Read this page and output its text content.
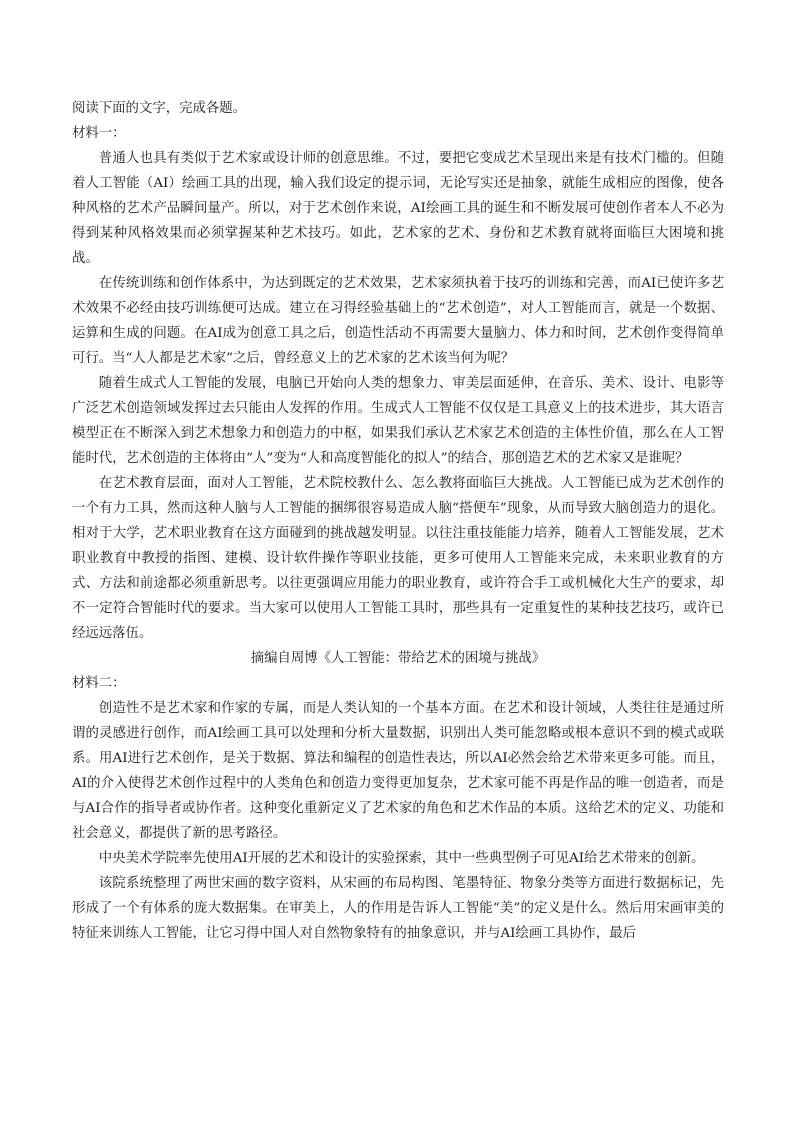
阅读下面的文字，完成各题。

材料一：

普通人也具有类似于艺术家或设计师的创意思维。不过，要把它变成艺术呈现出来是有技术门槛的。但随着人工智能（AI）绘画工具的出现，输入我们设定的提示词，无论写实还是抽象，就能生成相应的图像，使各种风格的艺术产品瞬间量产。所以，对于艺术创作来说，AI绘画工具的诞生和不断发展可使创作者本人不必为得到某种风格效果而必须掌握某种艺术技巧。如此，艺术家的艺术、身份和艺术教育就将面临巨大困境和挑战。

在传统训练和创作体系中，为达到既定的艺术效果，艺术家须执着于技巧的训练和完善，而AI已使许多艺术效果不必经由技巧训练便可达成。建立在习得经验基础上的“艺术创造”，对人工智能而言，就是一个数据、运算和生成的问题。在AI成为创意工具之后，创造性活动不再需要大量脑力、体力和时间，艺术创作变得简单可行。当“人人都是艺术家”之后，曾经意义上的艺术家的艺术该当何为呢？

随着生成式人工智能的发展，电脑已开始向人类的想象力、审美层面延伸，在音乐、美术、设计、电影等广泛艺术创造领域发挥过去只能由人发挥的作用。生成式人工智能不仅仅是工具意义上的技术进步，其大语言模型正在不断深入到艺术想象力和创造力的中枢，如果我们承认艺术家艺术创造的主体性价值，那么在人工智能时代，艺术创造的主体将由“人”变为“人和高度智能化的拟人”的结合，那创造艺术的艺术家又是谁呢？

在艺术教育层面，面对人工智能，艺术院校教什么、怎么教将面临巨大挑战。人工智能已成为艺术创作的一个有力工具，然而这种人脑与人工智能的捆绑很容易造成人脑“搭便车”现象，从而导致大脑创造力的退化。相对于大学，艺术职业教育在这方面碰到的挑战越发明显。以往注重技能能力培养，随着人工智能发展，艺术职业教育中教授的指图、建模、设计软件操作等职业技能，更多可使用人工智能来完成，未来职业教育的方式、方法和前途都必须重新思考。以往更强调应用能力的职业教育，或许符合手工或机械化大生产的要求，却不一定符合智能时代的要求。当大家可以使用人工智能工具时，那些具有一定重复性的某种技艺技巧，或许已经远远落伍。

摘编自周博《人工智能：带给艺术的困境与挑战》

材料二：

创造性不是艺术家和作家的专属，而是人类认知的一个基本方面。在艺术和设计领域，人类往往是通过所谓的灵感进行创作，而AI绘画工具可以处理和分析大量数据，识别出人类可能忽略或根本意识不到的模式或联系。用AI进行艺术创作，是关于数据、算法和编程的创造性表达，所以AI必然会给艺术带来更多可能。而且，AI的介入使得艺术创作过程中的人类角色和创造力变得更加复杂，艺术家可能不再是作品的唯一创造者，而是与AI合作的指导者或协作者。这种变化重新定义了艺术家的角色和艺术作品的本质。这给艺术的定义、功能和社会意义，都提供了新的思考路径。

中央美术学院率先使用AI开展的艺术和设计的实验探索，其中一些典型例子可见AI给艺术带来的创新。

该院系统整理了两世宋画的数字资料，从宋画的布局构图、笔墨特征、物象分类等方面进行数据标记，先形成了一个有体系的庞大数据集。在审美上，人的作用是告诉人工智能“美”的定义是什么。然后用宋画审美的特征来训练人工智能，让它习得中国人对自然物象特有的抽象意识，并与AI绘画工具协作，最后
